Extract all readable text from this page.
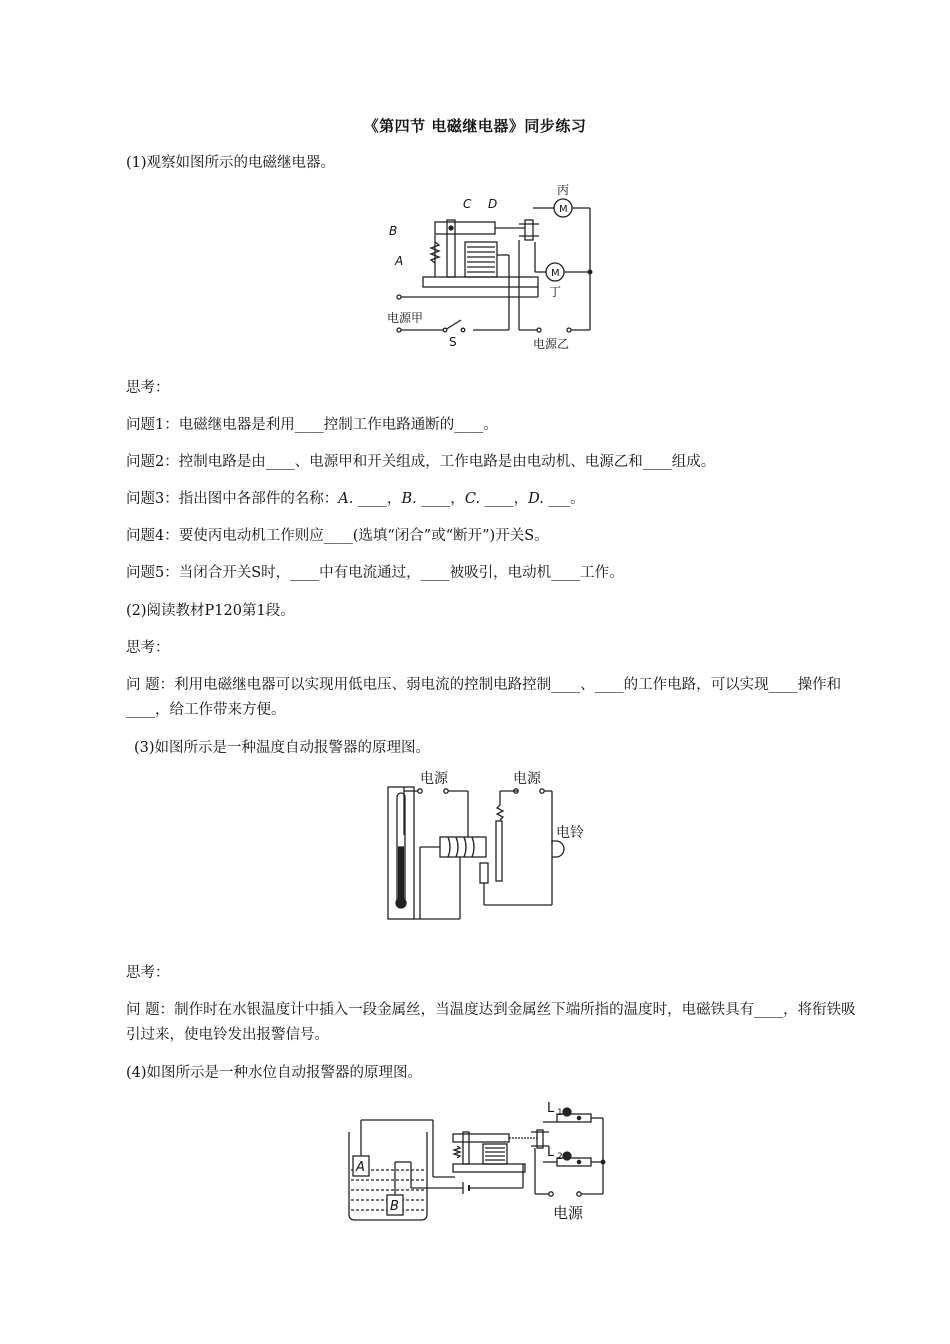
《第四节 电磁继电器》同步练习
(1)观察如图所示的电磁继电器。
B
A
C D
丙
M
M
丁
电源甲
S	电源乙
思考：
问题1：电磁继电器是利用____控制工作电路通断的____。
问题2：控制电路是由____、电源甲和开关组成，工作电路是由电动机、电源乙和____组成。
问题3：指出图中各部件的名称：A. ____，B. ____，C. ____，D. ___。
问题4：要使丙电动机工作则应____(选填“闭合”或“断开”)开关S。
问题5：当闭合开关S时，____中有电流通过，____被吸引，电动机____工作。
(2)阅读教材P120第1段。
思考：
问 题：利用电磁继电器可以实现用低电压、弱电流的控制电路控制____、____的工作电路，可以实现____操作和____，给工作带来方便。
(3)如图所示是一种温度自动报警器的原理图。
电源	电源
电铃
思考：
问 题：制作时在水银温度计中插入一段金属丝，当温度达到金属丝下端所指的温度时，电磁铁具有____，将衔铁吸引过来，使电铃发出报警信号。
(4)如图所示是一种水位自动报警器的原理图。
A
B
L 1
L 2
电源
